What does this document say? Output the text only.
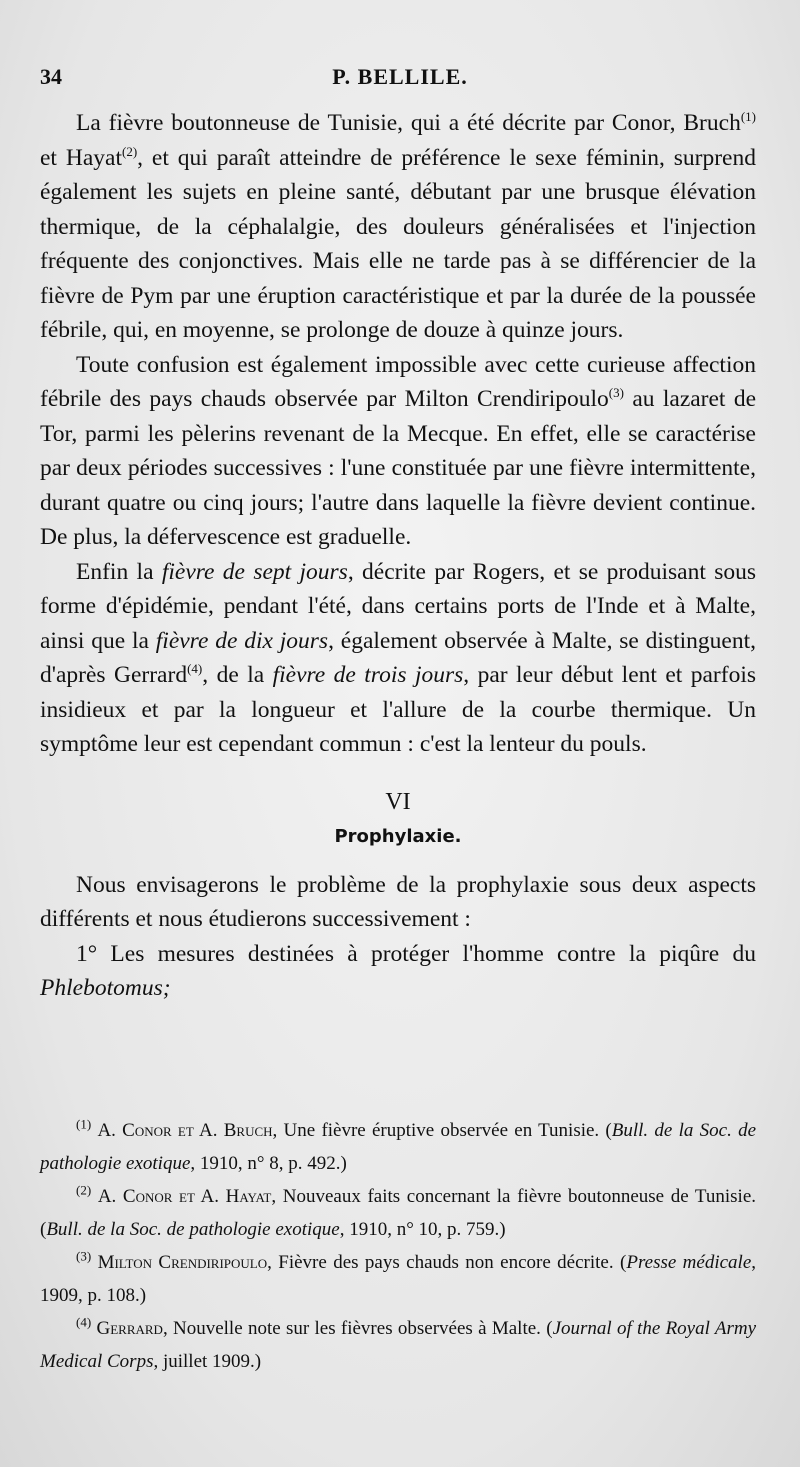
34	P. BELLILE.

La fièvre boutonneuse de Tunisie, qui a été décrite par Conor, Bruch$^{(1)}$ et Hayat$^{(2)}$, et qui paraît atteindre de préférence le sexe féminin, surprend également les sujets en pleine santé, débutant par une brusque élévation thermique, de la céphalalgie, des douleurs généralisées et l'injection fréquente des conjonctives. Mais elle ne tarde pas à se différencier de la fièvre de Pym par une éruption caractéristique et par la durée de la poussée fébrile, qui, en moyenne, se prolonge de douze à quinze jours.

Toute confusion est également impossible avec cette curieuse affection fébrile des pays chauds observée par Milton Crendiripoulo$^{(3)}$ au lazaret de Tor, parmi les pèlerins revenant de la Mecque. En effet, elle se caractérise par deux périodes successives : l'une constituée par une fièvre intermittente, durant quatre ou cinq jours; l'autre dans laquelle la fièvre devient continue. De plus, la défervescence est graduelle.

Enfin la fièvre de sept jours, décrite par Rogers, et se produisant sous forme d'épidémie, pendant l'été, dans certains ports de l'Inde et à Malte, ainsi que la fièvre de dix jours, également observée à Malte, se distinguent, d'après Gerrard$^{(4)}$, de la fièvre de trois jours, par leur début lent et parfois insidieux et par la longueur et l'allure de la courbe thermique. Un symptôme leur est cependant commun : c'est la lenteur du pouls.

VI
Prophylaxie.

Nous envisagerons le problème de la prophylaxie sous deux aspects différents et nous étudierons successivement :

1° Les mesures destinées à protéger l'homme contre la piqûre du Phlebotomus;

$^{(1)}$ A. Conor et A. Bruch, Une fièvre éruptive observée en Tunisie. (Bull. de la Soc. de pathologie exotique, 1910, n° 8, p. 492.)

$^{(2)}$ A. Conor et A. Hayat, Nouveaux faits concernant la fièvre boutonneuse de Tunisie. (Bull. de la Soc. de pathologie exotique, 1910, n° 10, p. 759.)

$^{(3)}$ Milton Crendiripoulo, Fièvre des pays chauds non encore décrite. (Presse médicale, 1909, p. 108.)

$^{(4)}$ Gerrard, Nouvelle note sur les fièvres observées à Malte. (Journal of the Royal Army Medical Corps, juillet 1909.)
